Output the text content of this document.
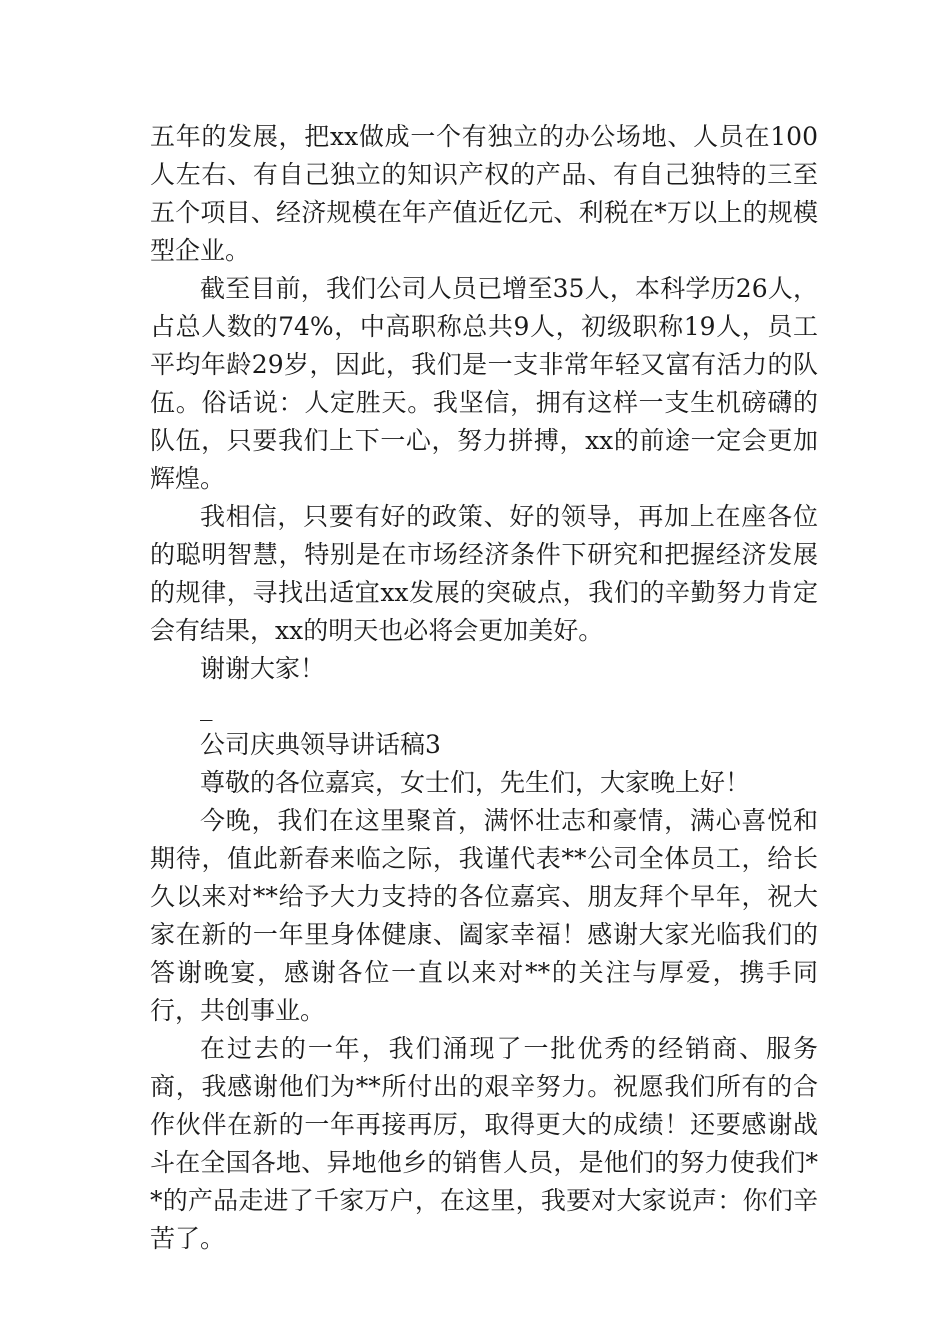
五年的发展，把xx做成一个有独立的办公场地、人员在100人左右、有自己独立的知识产权的产品、有自己独特的三至五个项目、经济规模在年产值近亿元、利税在*万以上的规模型企业。

截至目前，我们公司人员已增至35人，本科学历26人，占总人数的74%，中高职称总共9人，初级职称19人，员工平均年龄29岁，因此，我们是一支非常年轻又富有活力的队伍。俗话说：人定胜天。我坚信，拥有这样一支生机磅礴的队伍，只要我们上下一心，努力拼搏，xx的前途一定会更加辉煌。

我相信，只要有好的政策、好的领导，再加上在座各位的聪明智慧，特别是在市场经济条件下研究和把握经济发展的规律，寻找出适宜xx发展的突破点，我们的辛勤努力肯定会有结果，xx的明天也必将会更加美好。

谢谢大家！

_

公司庆典领导讲话稿3

尊敬的各位嘉宾，女士们，先生们，大家晚上好！

今晚，我们在这里聚首，满怀壮志和豪情，满心喜悦和期待，值此新春来临之际，我谨代表**公司全体员工，给长久以来对**给予大力支持的各位嘉宾、朋友拜个早年，祝大家在新的一年里身体健康、阖家幸福！感谢大家光临我们的答谢晚宴，感谢各位一直以来对**的关注与厚爱，携手同行，共创事业。

在过去的一年，我们涌现了一批优秀的经销商、服务商，我感谢他们为**所付出的艰辛努力。祝愿我们所有的合作伙伴在新的一年再接再厉，取得更大的成绩！还要感谢战斗在全国各地、异地他乡的销售人员，是他们的努力使我们**的产品走进了千家万户，在这里，我要对大家说声：你们辛苦了。
